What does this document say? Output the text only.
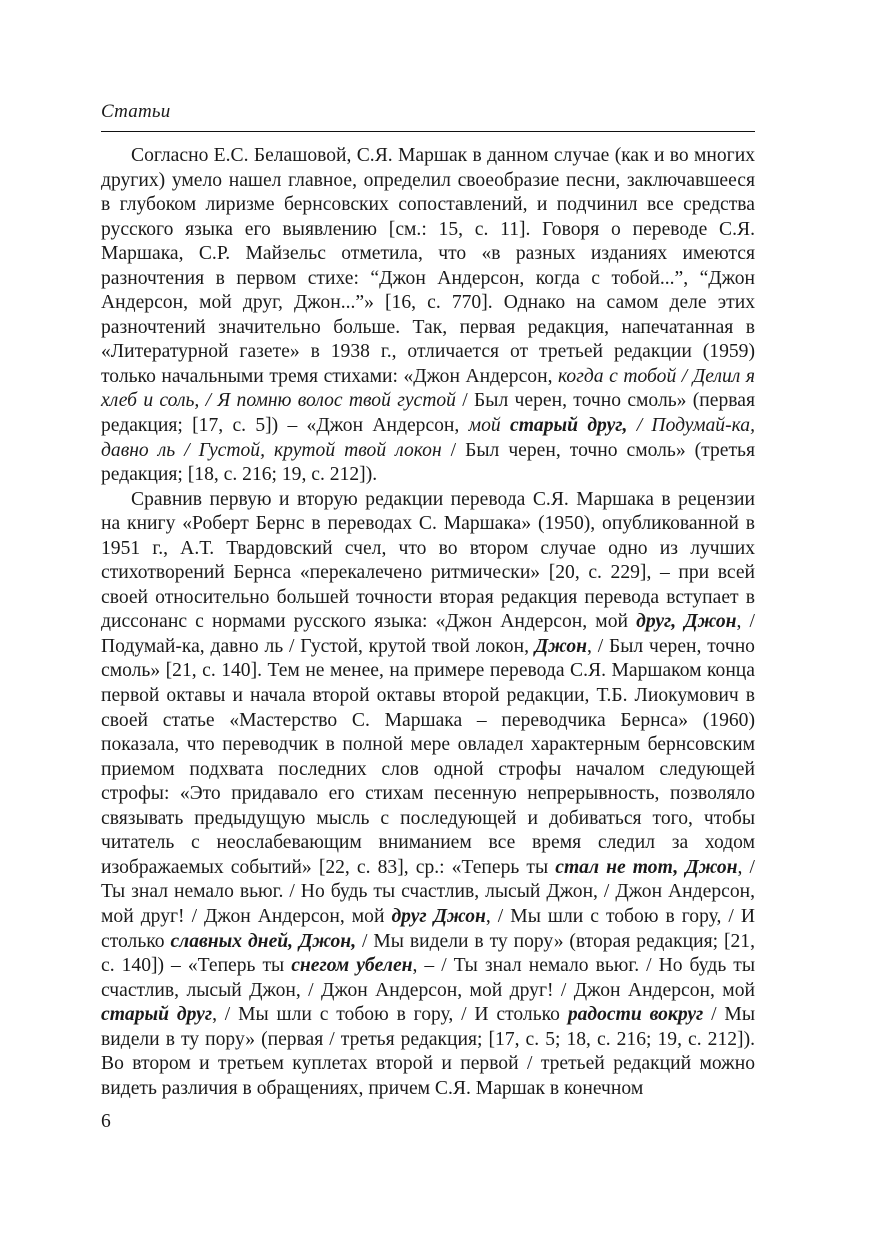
Статьи

Согласно Е.С. Белашовой, С.Я. Маршак в данном случае (как и во многих других) умело нашел главное, определил своеобразие песни, заключавшееся в глубоком лиризме бернсовских сопоставлений, и подчинил все средства русского языка его выявлению [см.: 15, с. 11]. Говоря о переводе С.Я. Маршака, С.Р. Майзельс отметила, что «в разных изданиях имеются разночтения в первом стихе: “Джон Андерсон, когда с тобой...”, “Джон Андерсон, мой друг, Джон...”» [16, с. 770]. Однако на самом деле этих разночтений значительно больше. Так, первая редакция, напечатанная в «Литературной газете» в 1938 г., отличается от третьей редакции (1959) только начальными тремя стихами: «Джон Андерсон, когда с тобой / Делил я хлеб и соль, / Я помню волос твой густой / Был черен, точно смоль» (первая редакция; [17, с. 5]) – «Джон Андерсон, мой старый друг, / Подумай-ка, давно ль / Густой, крутой твой локон / Был черен, точно смоль» (третья редакция; [18, с. 216; 19, с. 212]).

Сравнив первую и вторую редакции перевода С.Я. Маршака в рецензии на книгу «Роберт Бернс в переводах С. Маршака» (1950), опубликованной в 1951 г., А.Т. Твардовский счел, что во втором случае одно из лучших стихотворений Бернса «перекалечено ритмически» [20, с. 229], – при всей своей относительно большей точности вторая редакция перевода вступает в диссонанс с нормами русского языка: «Джон Андерсон, мой друг, Джон, / Подумай-ка, давно ль / Густой, крутой твой локон, Джон, / Был черен, точно смоль» [21, с. 140]. Тем не менее, на примере перевода С.Я. Маршаком конца первой октавы и начала второй октавы второй редакции, Т.Б. Лиокумович в своей статье «Мастерство С. Маршака – переводчика Бернса» (1960) показала, что переводчик в полной мере овладел характерным бернсовским приемом подхвата последних слов одной строфы началом следующей строфы: «Это придавало его стихам песенную непрерывность, позволяло связывать предыдущую мысль с последующей и добиваться того, чтобы читатель с неослабевающим вниманием все время следил за ходом изображаемых событий» [22, с. 83], ср.: «Теперь ты стал не тот, Джон, / Ты знал немало вьюг. / Но будь ты счастлив, лысый Джон, / Джон Андерсон, мой друг! / Джон Андерсон, мой друг Джон, / Мы шли с тобою в гору, / И столько славных дней, Джон, / Мы видели в ту пору» (вторая редакция; [21, с. 140]) – «Теперь ты снегом убелен, – / Ты знал немало вьюг. / Но будь ты счастлив, лысый Джон, / Джон Андерсон, мой друг! / Джон Андерсон, мой старый друг, / Мы шли с тобою в гору, / И столько радости вокруг / Мы видели в ту пору» (первая / третья редакция; [17, с. 5; 18, с. 216; 19, с. 212]). Во втором и третьем куплетах второй и первой / третьей редакций можно видеть различия в обращениях, причем С.Я. Маршак в конечном

6
